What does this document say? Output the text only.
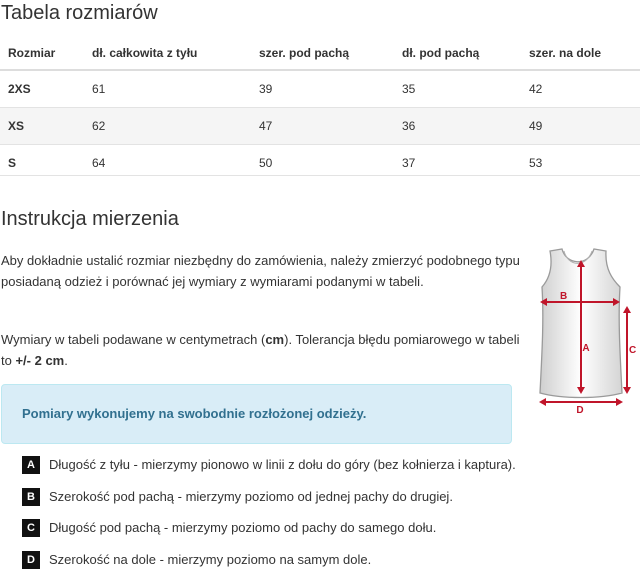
Tabela rozmiarów
Rozmiar	dł. całkowita z tyłu	szer. pod pachą	dł. pod pachą	szer. na dole
2XS	61	39	35	42
XS	62	47	36	49
S	64	50	37	53
Instrukcja mierzenia

Aby dokładnie ustalić rozmiar niezbędny do zamówienia, należy zmierzyć podobnego typu posiadaną odzież i porównać jej wymiary z wymiarami podanymi w tabeli.

Wymiary w tabeli podawane w centymetrach (cm). Tolerancja błędu pomiarowego w tabeli to +/- 2 cm.

B
A	C
D
Pomiary wykonujemy na swobodnie rozłożonej odzieży.
A	Długość z tyłu - mierzymy pionowo w linii z dołu do góry (bez kołnierza i kaptura).
B	Szerokość pod pachą - mierzymy poziomo od jednej pachy do drugiej.
C	Długość pod pachą - mierzymy poziomo od pachy do samego dołu.
D	Szerokość na dole - mierzymy poziomo na samym dole.
